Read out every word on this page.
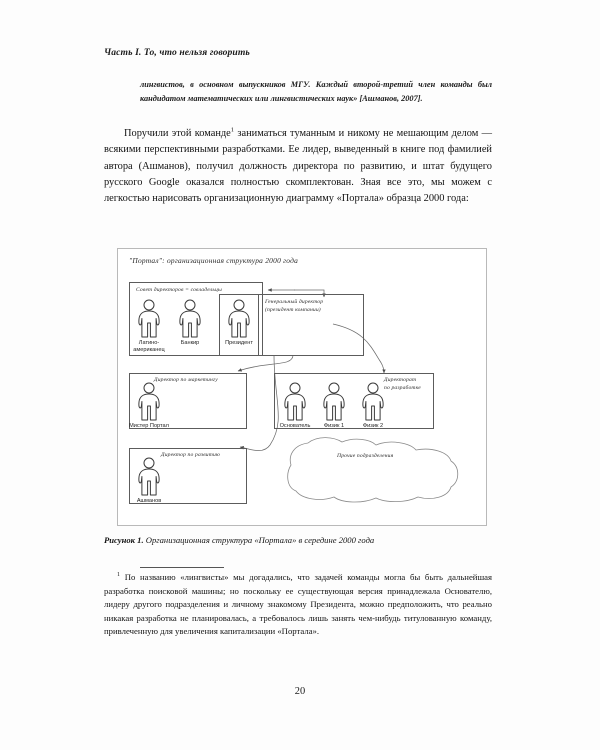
Часть I. То, что нельзя говорить
лингвистов, в основном выпускников МГУ. Каждый второй-третий член команды был кандидатом математических или лингвистических наук» [Ашманов, 2007].
Поручили этой команде$^1$ заниматься туманным и никому не мешающим делом — всякими перспективными разработками. Ее лидер, выведенный в книге под фамилией автора (Ашманов), получил должность директора по развитию, и штат будущего русского Google оказался полностью скомплектован. Зная все это, мы можем с легкостью нарисовать организационную диаграмму «Портала» образца 2000 года:
"Портал": организационная структура 2000 года
Совет директоров = совладельцы
Генеральный директор
(президент компании)
Латино-американец
Банкир	Президент
Директор по маркетингу
Мистер Портал
Директорат
по разработке
Основатель Физик 1	Физик 2
Директор по развитию
Ашманов
Прочие подразделения
Рисунок 1. Организационная структура «Портала» в середине 2000 года
$^1$ По названию «лингвисты» мы догадались, что задачей команды могла бы быть дальнейшая разработка поисковой машины; но поскольку ее существующая версия принадлежала Основателю, лидеру другого подразделения и личному знакомому Президента, можно предположить, что реально никакая разработка не планировалась, а требовалось лишь занять чем-нибудь титулованную команду, привлеченную для увеличения капитализации «Портала».
20
